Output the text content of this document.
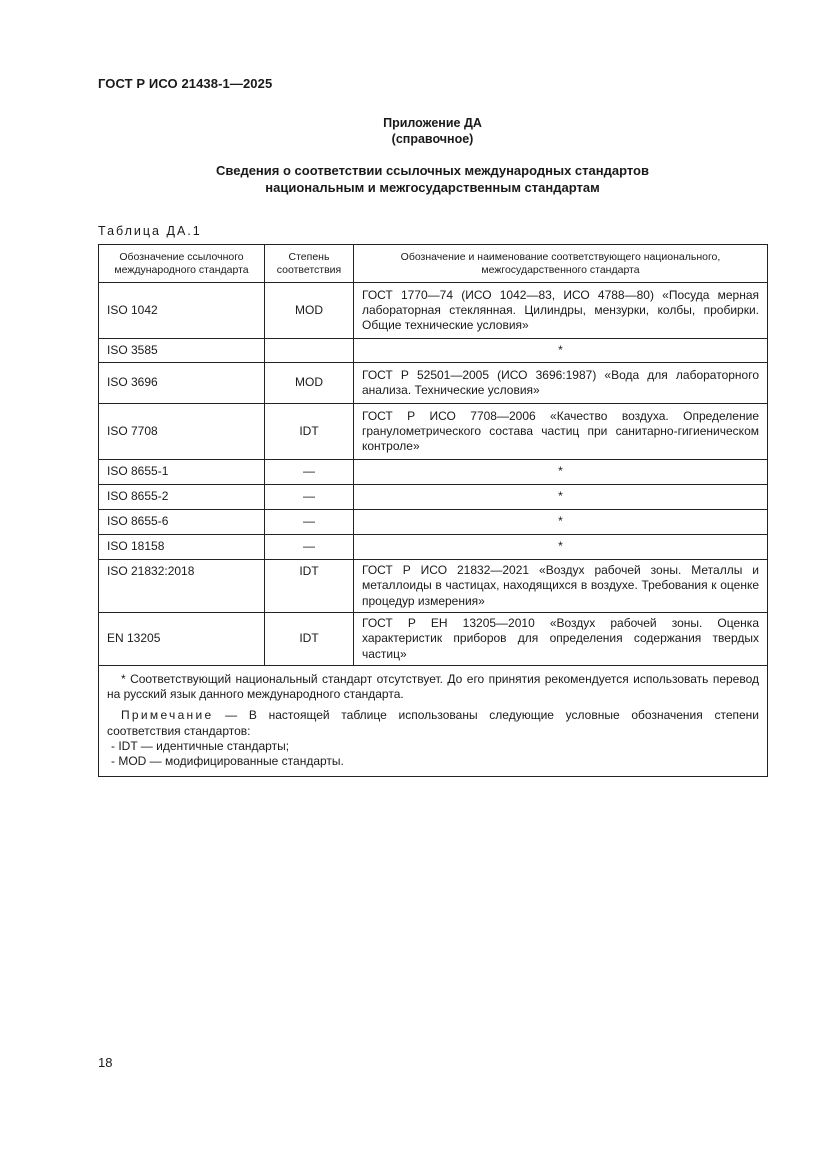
ГОСТ Р ИСО 21438-1—2025
Приложение ДА
(справочное)
Сведения о соответствии ссылочных международных стандартов
национальным и межгосударственным стандартам
Таблица ДА.1
Обозначение ссылочного международного стандарта	Степень соответствия	Обозначение и наименование соответствующего национального, межгосударственного стандарта
ISO 1042	MOD	ГОСТ 1770—74 (ИСО 1042—83, ИСО 4788—80) «Посуда мерная лабораторная стеклянная. Цилиндры, мензурки, колбы, пробирки. Общие технические условия»
ISO 3585		*
ISO 3696	MOD	ГОСТ Р 52501—2005 (ИСО 3696:1987) «Вода для лабораторного анализа. Технические условия»
ISO 7708	IDT	ГОСТ Р ИСО 7708—2006 «Качество воздуха. Определение гранулометрического состава частиц при санитарно-гигиеническом контроле»
ISO 8655-1	—	*
ISO 8655-2	—	*
ISO 8655-6	—	*
ISO 18158	—	*
ISO 21832:2018	IDT	ГОСТ Р ИСО 21832—2021 «Воздух рабочей зоны. Металлы и металлоиды в частицах, находящихся в воздухе. Требования к оценке процедур измерения»
EN 13205	IDT	ГОСТ Р ЕН 13205—2010 «Воздух рабочей зоны. Оценка характеристик приборов для определения содержания твердых частиц»

* Соответствующий национальный стандарт отсутствует. До его принятия рекомендуется использовать перевод на русский язык данного международного стандарта.

Примечание — В настоящей таблице использованы следующие условные обозначения степени соответствия стандартов:

- IDT — идентичные стандарты;
- MOD — модифицированные стандарты.		
18
